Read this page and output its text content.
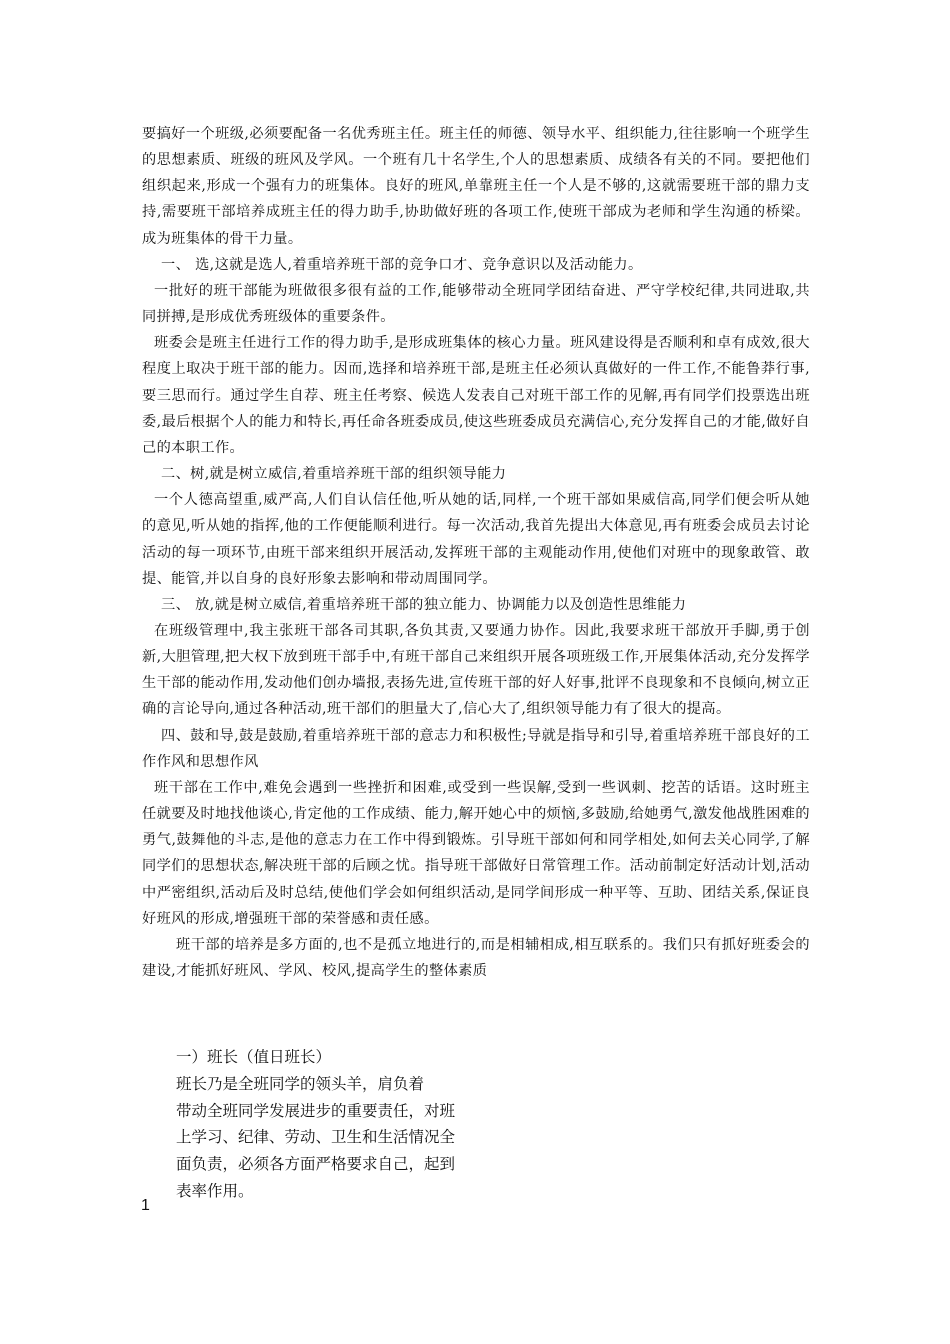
要搞好一个班级,必须要配备一名优秀班主任。班主任的师德、领导水平、组织能力,往往影响一个班学生的思想素质、班级的班风及学风。一个班有几十名学生,个人的思想素质、成绩各有关的不同。要把他们组织起来,形成一个强有力的班集体。良好的班风,单靠班主任一个人是不够的,这就需要班干部的鼎力支持,需要班干部培养成班主任的得力助手,协助做好班的各项工作,使班干部成为老师和学生沟通的桥梁。成为班集体的骨干力量。

一、 选,这就是选人,着重培养班干部的竞争口才、竞争意识以及活动能力。

一批好的班干部能为班做很多很有益的工作,能够带动全班同学团结奋进、严守学校纪律,共同进取,共同拼搏,是形成优秀班级体的重要条件。

班委会是班主任进行工作的得力助手,是形成班集体的核心力量。班风建设得是否顺利和卓有成效,很大程度上取决于班干部的能力。因而,选择和培养班干部,是班主任必须认真做好的一件工作,不能鲁莽行事,要三思而行。通过学生自荐、班主任考察、候选人发表自己对班干部工作的见解,再有同学们投票选出班委,最后根据个人的能力和特长,再任命各班委成员,使这些班委成员充满信心,充分发挥自己的才能,做好自己的本职工作。

二、树,就是树立威信,着重培养班干部的组织领导能力

一个人德高望重,威严高,人们自认信任他,听从她的话,同样,一个班干部如果威信高,同学们便会听从她的意见,听从她的指挥,他的工作便能顺利进行。每一次活动,我首先提出大体意见,再有班委会成员去讨论活动的每一项环节,由班干部来组织开展活动,发挥班干部的主观能动作用,使他们对班中的现象敢管、敢提、能管,并以自身的良好形象去影响和带动周围同学。

三、 放,就是树立威信,着重培养班干部的独立能力、协调能力以及创造性思维能力

在班级管理中,我主张班干部各司其职,各负其责,又要通力协作。因此,我要求班干部放开手脚,勇于创新,大胆管理,把大权下放到班干部手中,有班干部自己来组织开展各项班级工作,开展集体活动,充分发挥学生干部的能动作用,发动他们创办墙报,表扬先进,宣传班干部的好人好事,批评不良现象和不良倾向,树立正确的言论导向,通过各种活动,班干部们的胆量大了,信心大了,组织领导能力有了很大的提高。

四、鼓和导,鼓是鼓励,着重培养班干部的意志力和积极性;导就是指导和引导,着重培养班干部良好的工作作风和思想作风

班干部在工作中,难免会遇到一些挫折和困难,或受到一些误解,受到一些讽刺、挖苦的话语。这时班主任就要及时地找他谈心,肯定他的工作成绩、能力,解开她心中的烦恼,多鼓励,给她勇气,激发他战胜困难的勇气,鼓舞他的斗志,是他的意志力在工作中得到锻炼。引导班干部如何和同学相处,如何去关心同学,了解同学们的思想状态,解决班干部的后顾之忧。指导班干部做好日常管理工作。活动前制定好活动计划,活动中严密组织,活动后及时总结,使他们学会如何组织活动,是同学间形成一种平等、互助、团结关系,保证良好班风的形成,增强班干部的荣誉感和责任感。

班干部的培养是多方面的,也不是孤立地进行的,而是相辅相成,相互联系的。我们只有抓好班委会的建设,才能抓好班风、学风、校风,提高学生的整体素质

一）班长（值日班长）

班长乃是全班同学的领头羊，肩负着

带动全班同学发展进步的重要责任，对班

上学习、纪律、劳动、卫生和生活情况全

面负责，必须各方面严格要求自己，起到

表率作用。

1
